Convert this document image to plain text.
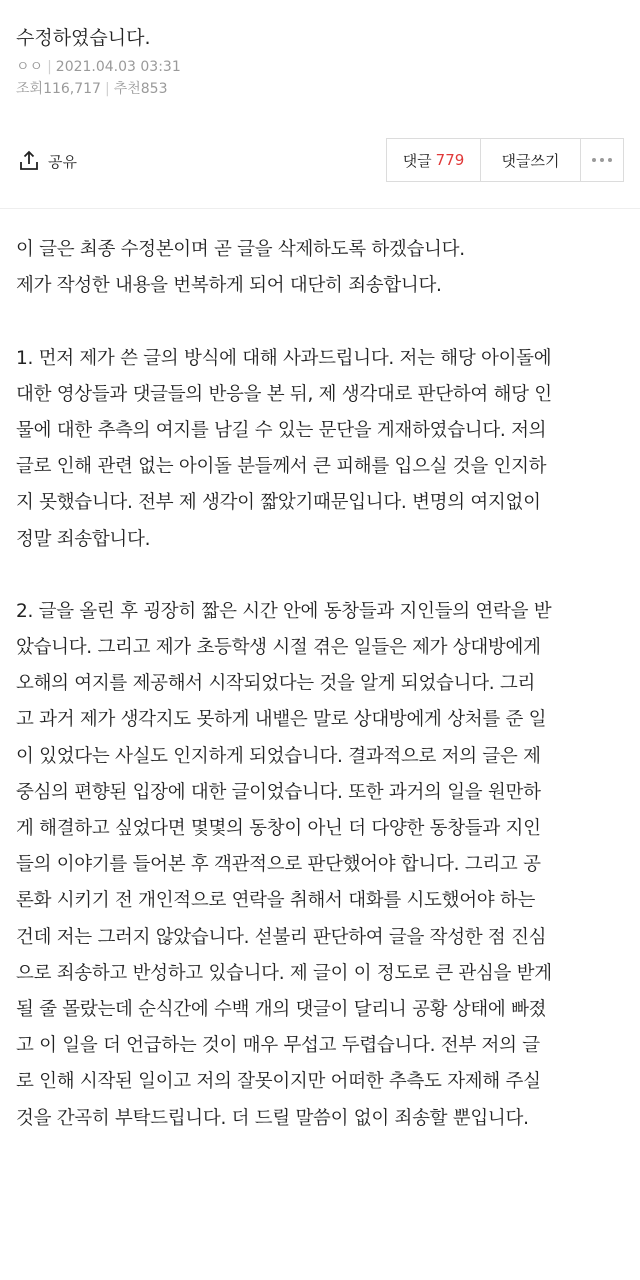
수정하였습니다.
ㅇㅇ | 2021.04.03 03:31
조회116,717 | 추천853
공유	댓글 779 댓글쓰기
이 글은 최종 수정본이며 곧 글을 삭제하도록 하겠습니다.
제가 작성한 내용을 번복하게 되어 대단히 죄송합니다.
1. 먼저 제가 쓴 글의 방식에 대해 사과드립니다. 저는 해당 아이돌에
대한 영상들과 댓글들의 반응을 본 뒤, 제 생각대로 판단하여 해당 인
물에 대한 추측의 여지를 남길 수 있는 문단을 게재하였습니다. 저의
글로 인해 관련 없는 아이돌 분들께서 큰 피해를 입으실 것을 인지하
지 못했습니다. 전부 제 생각이 짧았기때문입니다. 변명의 여지없이
정말 죄송합니다.
2. 글을 올린 후 굉장히 짧은 시간 안에 동창들과 지인들의 연락을 받
았습니다. 그리고 제가 초등학생 시절 겪은 일들은 제가 상대방에게
오해의 여지를 제공해서 시작되었다는 것을 알게 되었습니다. 그리
고 과거 제가 생각지도 못하게 내뱉은 말로 상대방에게 상처를 준 일
이 있었다는 사실도 인지하게 되었습니다. 결과적으로 저의 글은 제
중심의 편향된 입장에 대한 글이었습니다. 또한 과거의 일을 원만하
게 해결하고 싶었다면 몇몇의 동창이 아닌 더 다양한 동창들과 지인
들의 이야기를 들어본 후 객관적으로 판단했어야 합니다. 그리고 공
론화 시키기 전 개인적으로 연락을 취해서 대화를 시도했어야 하는
건데 저는 그러지 않았습니다. 섣불리 판단하여 글을 작성한 점 진심
으로 죄송하고 반성하고 있습니다. 제 글이 이 정도로 큰 관심을 받게
될 줄 몰랐는데 순식간에 수백 개의 댓글이 달리니 공황 상태에 빠졌
고 이 일을 더 언급하는 것이 매우 무섭고 두렵습니다. 전부 저의 글
로 인해 시작된 일이고 저의 잘못이지만 어떠한 추측도 자제해 주실
것을 간곡히 부탁드립니다. 더 드릴 말씀이 없이 죄송할 뿐입니다.
